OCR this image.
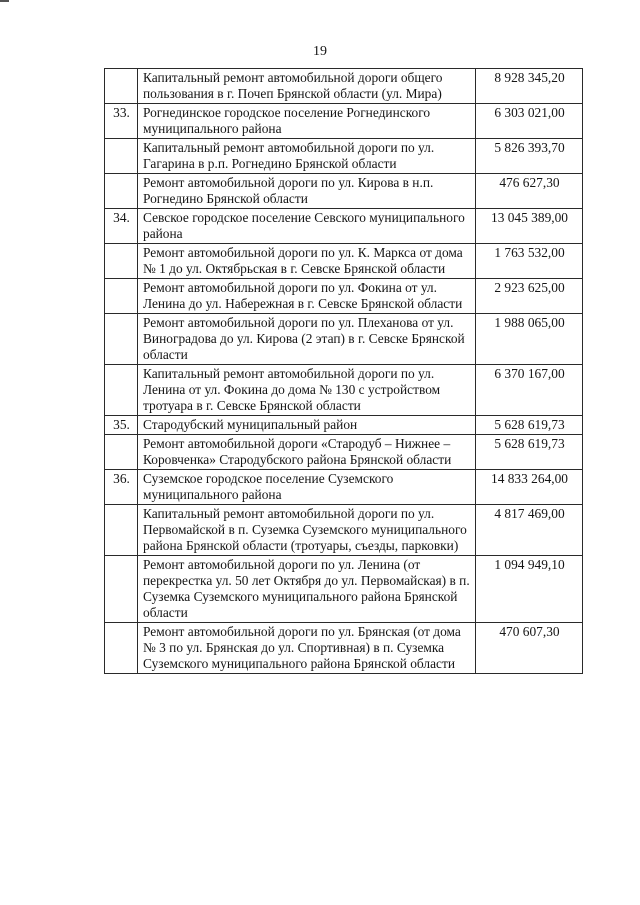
19
	Капитальный ремонт автомобильной дороги общего пользования в г. Почеп Брянской области (ул. Мира)	8 928 345,20
33.	Рогнединское городское поселение Рогнединского муниципального района	6 303 021,00
	Капитальный ремонт автомобильной дороги по ул. Гагарина в р.п. Рогнедино Брянской области	5 826 393,70
	Ремонт автомобильной дороги по ул. Кирова в н.п. Рогнедино Брянской области	476 627,30
34.	Севское городское поселение Севского муниципального района	13 045 389,00
	Ремонт автомобильной дороги по ул. К. Маркса от дома № 1 до ул. Октябрьская в г. Севске Брянской области	1 763 532,00
	Ремонт автомобильной дороги по ул. Фокина от ул. Ленина до ул. Набережная в г. Севске Брянской области	2 923 625,00
	Ремонт автомобильной дороги по ул. Плеханова от ул. Виноградова до ул. Кирова (2 этап) в г. Севске Брянской области	1 988 065,00
	Капитальный ремонт автомобильной дороги по ул. Ленина от ул. Фокина до дома № 130 с устройством тротуара в г. Севске Брянской области	6 370 167,00
35.	Стародубский муниципальный район	5 628 619,73
	Ремонт автомобильной дороги «Стародуб – Нижнее – Коровченка» Стародубского района Брянской области	5 628 619,73
36.	Суземское городское поселение Суземского муниципального района	14 833 264,00
	Капитальный ремонт автомобильной дороги по ул. Первомайской в п. Суземка Суземского муниципального района Брянской области (тротуары, съезды, парковки)	4 817 469,00
	Ремонт автомобильной дороги по ул. Ленина (от перекрестка ул. 50 лет Октября до ул. Первомайская) в п. Суземка Суземского муниципального района Брянской области	1 094 949,10
	Ремонт автомобильной дороги по ул. Брянская (от дома № 3 по ул. Брянская до ул. Спортивная) в п. Суземка Суземского муниципального района Брянской области	470 607,30
